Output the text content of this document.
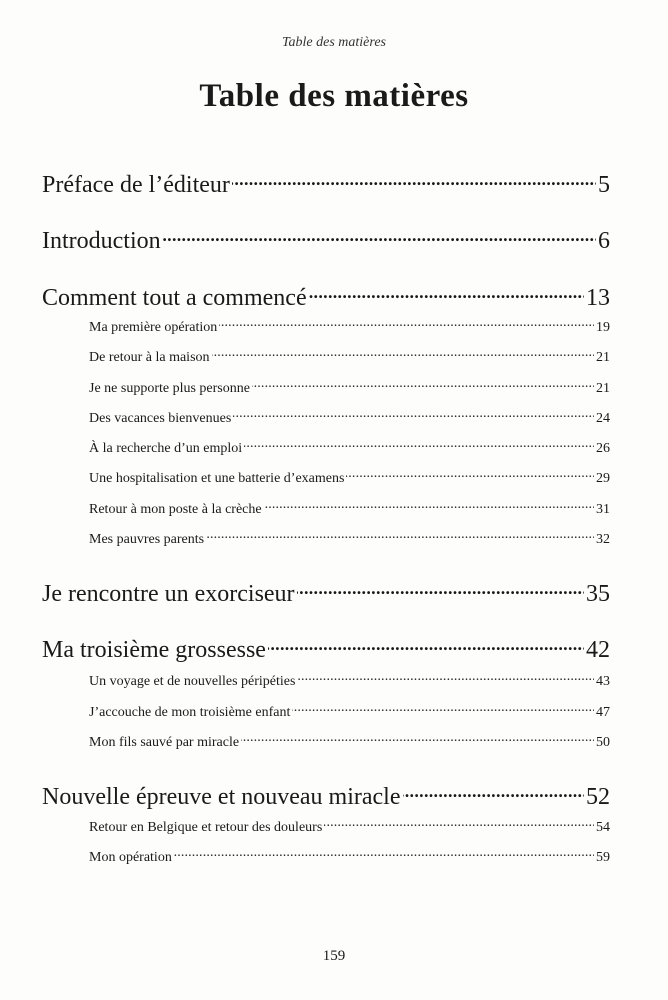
Table des matières
Table des matières
Préface de l’éditeur . . .	5
Introduction . . .	6
Comment tout a commencé . . .	13
Ma première opération . . .	19
De retour à la maison . . .	21
Je ne supporte plus personne . . .	21
Des vacances bienvenues . . .	24
À la recherche d’un emploi . . .	26
Une hospitalisation et une batterie d’examens . . .	29
Retour à mon poste à la crèche . . .	31
Mes pauvres parents . . .	32
Je rencontre un exorciseur . . .	35
Ma troisième grossesse . . .	42
Un voyage et de nouvelles péripéties . . .	43
J’accouche de mon troisième enfant . . .	47
Mon fils sauvé par miracle . . .	50
Nouvelle épreuve et nouveau miracle . . .	52
Retour en Belgique et retour des douleurs . . .	54
Mon opération . . .	59
159
